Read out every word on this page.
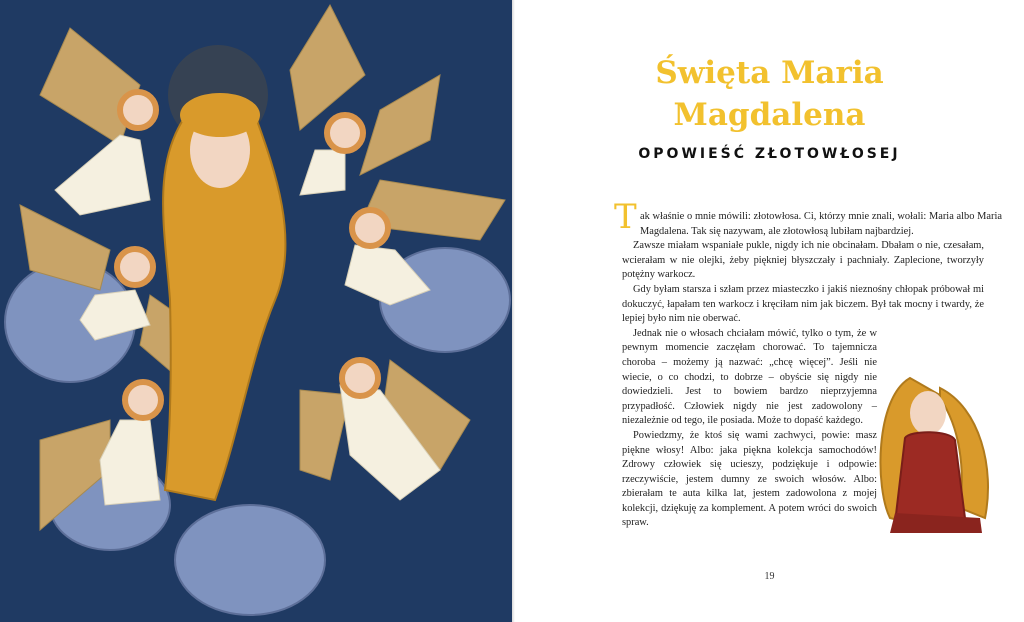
Święta Maria
Magdalena
OPOWIEŚĆ ZŁOTOWŁOSEJ

T ak właśnie o mnie mówili: złotowłosa. Ci, którzy mnie znali, wołali: Maria albo Maria Magdalena. Tak się nazywam, ale złotowłosą lubiłam najbardziej.

Zawsze miałam wspaniałe pukle, nigdy ich nie obcinałam. Dbałam o nie, czesałam, wcierałam w nie olejki, żeby piękniej błyszczały i pachniały. Zaplecione, tworzyły potężny warkocz.

Gdy byłam starsza i szłam przez miasteczko i jakiś nieznośny chłopak próbował mi dokuczyć, łapałam ten warkocz i kręciłam nim jak biczem. Był tak mocny i twardy, że lepiej było nim nie oberwać.

Jednak nie o włosach chciałam mówić, tylko o tym, że w pewnym momencie zaczęłam chorować. To tajemnicza choroba – możemy ją nazwać: „chcę więcej”. Jeśli nie wiecie, o co chodzi, to dobrze – obyście się nigdy nie dowiedzieli. Jest to bowiem bardzo nieprzyjemna przypadłość. Człowiek nigdy nie jest zadowolony – niezależnie od tego, ile posiada. Może to dopaść każdego.

Powiedzmy, że ktoś się wami zachwyci, powie: masz piękne włosy! Albo: jaka piękna kolekcja samochodów! Zdrowy człowiek się ucieszy, podziękuje i odpowie: rzeczywiście, jestem dumny ze swoich włosów. Albo: zbierałam te auta kilka lat, jestem zadowolona z mojej kolekcji, dziękuję za komplement. A potem wróci do swoich spraw.

19
